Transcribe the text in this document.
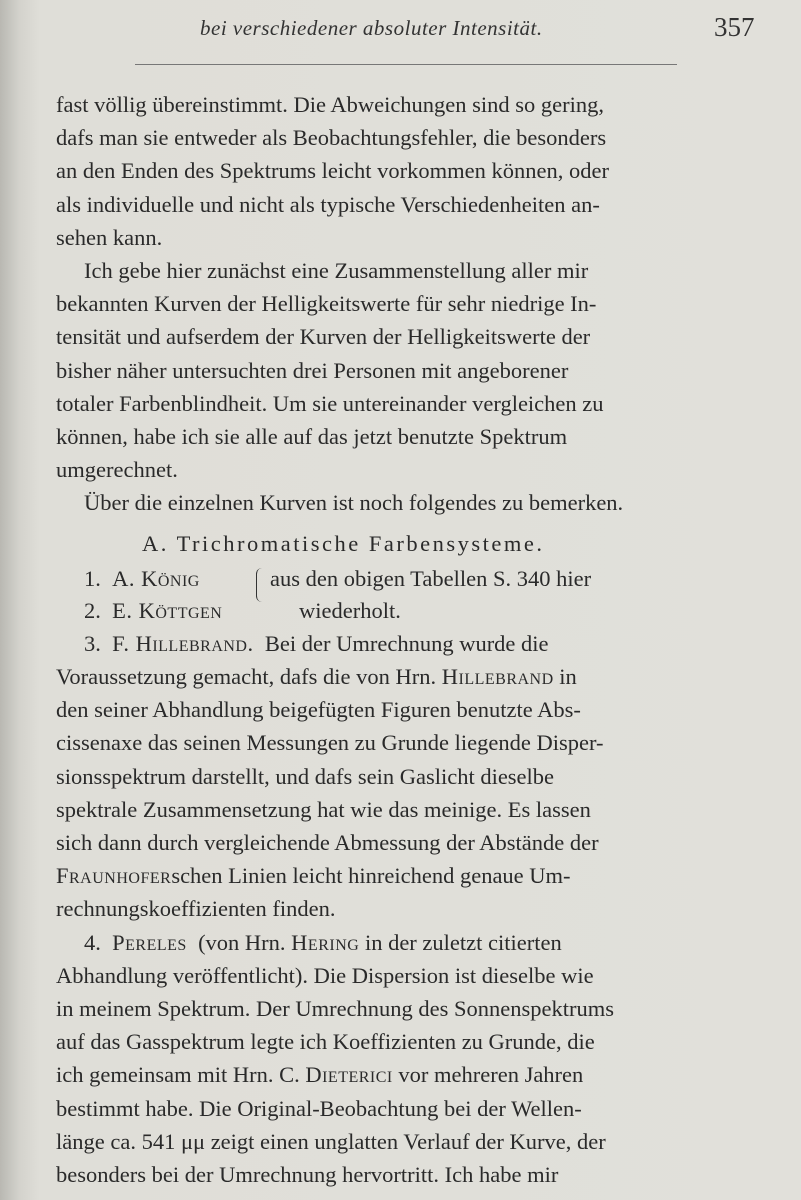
bei verschiedener absoluter Intensität.	357
fast völlig übereinstimmt. Die Abweichungen sind so gering,
dafs man sie entweder als Beobachtungsfehler, die besonders
an den Enden des Spektrums leicht vorkommen können, oder
als individuelle und nicht als typische Verschiedenheiten an-
sehen kann.
Ich gebe hier zunächst eine Zusammenstellung aller mir
bekannten Kurven der Helligkeitswerte für sehr niedrige In-
tensität und aufserdem der Kurven der Helligkeitswerte der
bisher näher untersuchten drei Personen mit angeborener
totaler Farbenblindheit. Um sie untereinander vergleichen zu
können, habe ich sie alle auf das jetzt benutzte Spektrum
umgerechnet.
Über die einzelnen Kurven ist noch folgendes zu bemerken.
A. Trichromatische Farbensysteme.
1. A. König
2. E. Köttgen
aus den obigen Tabellen S. 340 hier
wiederholt.
3. F. Hillebrand. Bei der Umrechnung wurde die
Voraussetzung gemacht, dafs die von Hrn. Hillebrand in
den seiner Abhandlung beigefügten Figuren benutzte Abs-
cissenaxe das seinen Messungen zu Grunde liegende Disper-
sionsspektrum darstellt, und dafs sein Gaslicht dieselbe
spektrale Zusammensetzung hat wie das meinige. Es lassen
sich dann durch vergleichende Abmessung der Abstände der
Fraunhoferschen Linien leicht hinreichend genaue Um-
rechnungskoeffizienten finden.
4. Pereles (von Hrn. Hering in der zuletzt citierten
Abhandlung veröffentlicht). Die Dispersion ist dieselbe wie
in meinem Spektrum. Der Umrechnung des Sonnenspektrums
auf das Gasspektrum legte ich Koeffizienten zu Grunde, die
ich gemeinsam mit Hrn. C. Dieterici vor mehreren Jahren
bestimmt habe. Die Original-Beobachtung bei der Wellen-
länge ca. 541 μμ zeigt einen unglatten Verlauf der Kurve, der
besonders bei der Umrechnung hervortritt. Ich habe mir
